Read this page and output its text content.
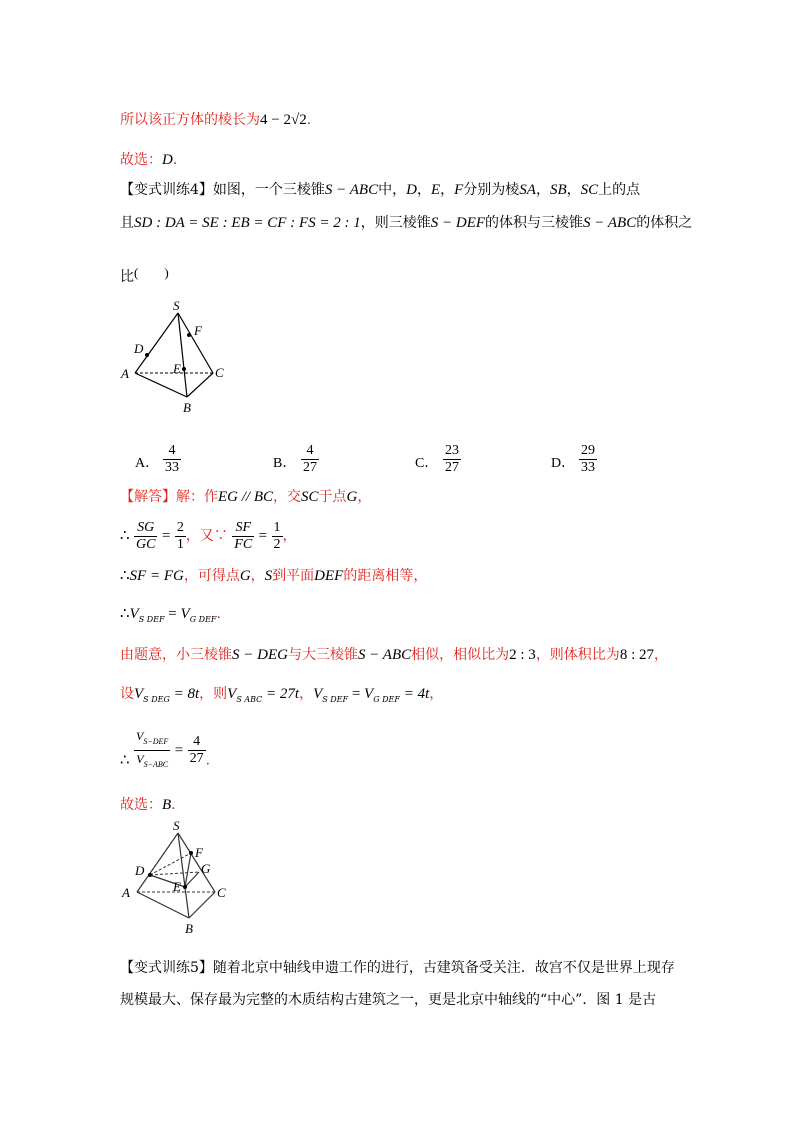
所以该正方体的棱长为4 − 2√2.
故选：D.
【变式训练4】如图，一个三棱锥S − ABC中，D，E，F分别为棱SA，SB，SC上的点
且SD : DA = SE : EB = CF : FS = 2 : 1，则三棱锥S − DEF的体积与三棱锥S − ABC的体积之
比(　　)
S
F
D
E
A	C
B
A． $\frac{4}{33}$	B． $\frac{4}{27}$	C． $\frac{23}{27}$	D． $\frac{29}{33}$
【解答】解：作EG // BC，交SC于点G，
∴ $\frac{SG}{GC} = \frac{2}{1}$ ，又∵ $\frac{SF}{FC} = \frac{1}{2}$ ，
∴SF = FG，可得点G，S到平面DEF的距离相等，
$\therefore V_{S DEF} = V_{G DEF}$.
由题意，小三棱锥S − DEG与大三棱锥S − ABC相似，相似比为2 : 3，则体积比为8 : 27，
设$V_{S DEG} = 8t$，则$V_{S ABC} = 27t$，$V_{S DEF} = V_{G DEF} = 4t$，
∴ $\frac{V_{S-DEF}}{V_{S-ABC}} = \frac{4}{27}$ .
故选：B.
S
F
D	G
E
A	C
B
【变式训练5】随着北京中轴线申遗工作的进行，古建筑备受关注．故宫不仅是世界上现存
规模最大、保存最为完整的木质结构古建筑之一，更是北京中轴线的“中心”．图 1 是古
